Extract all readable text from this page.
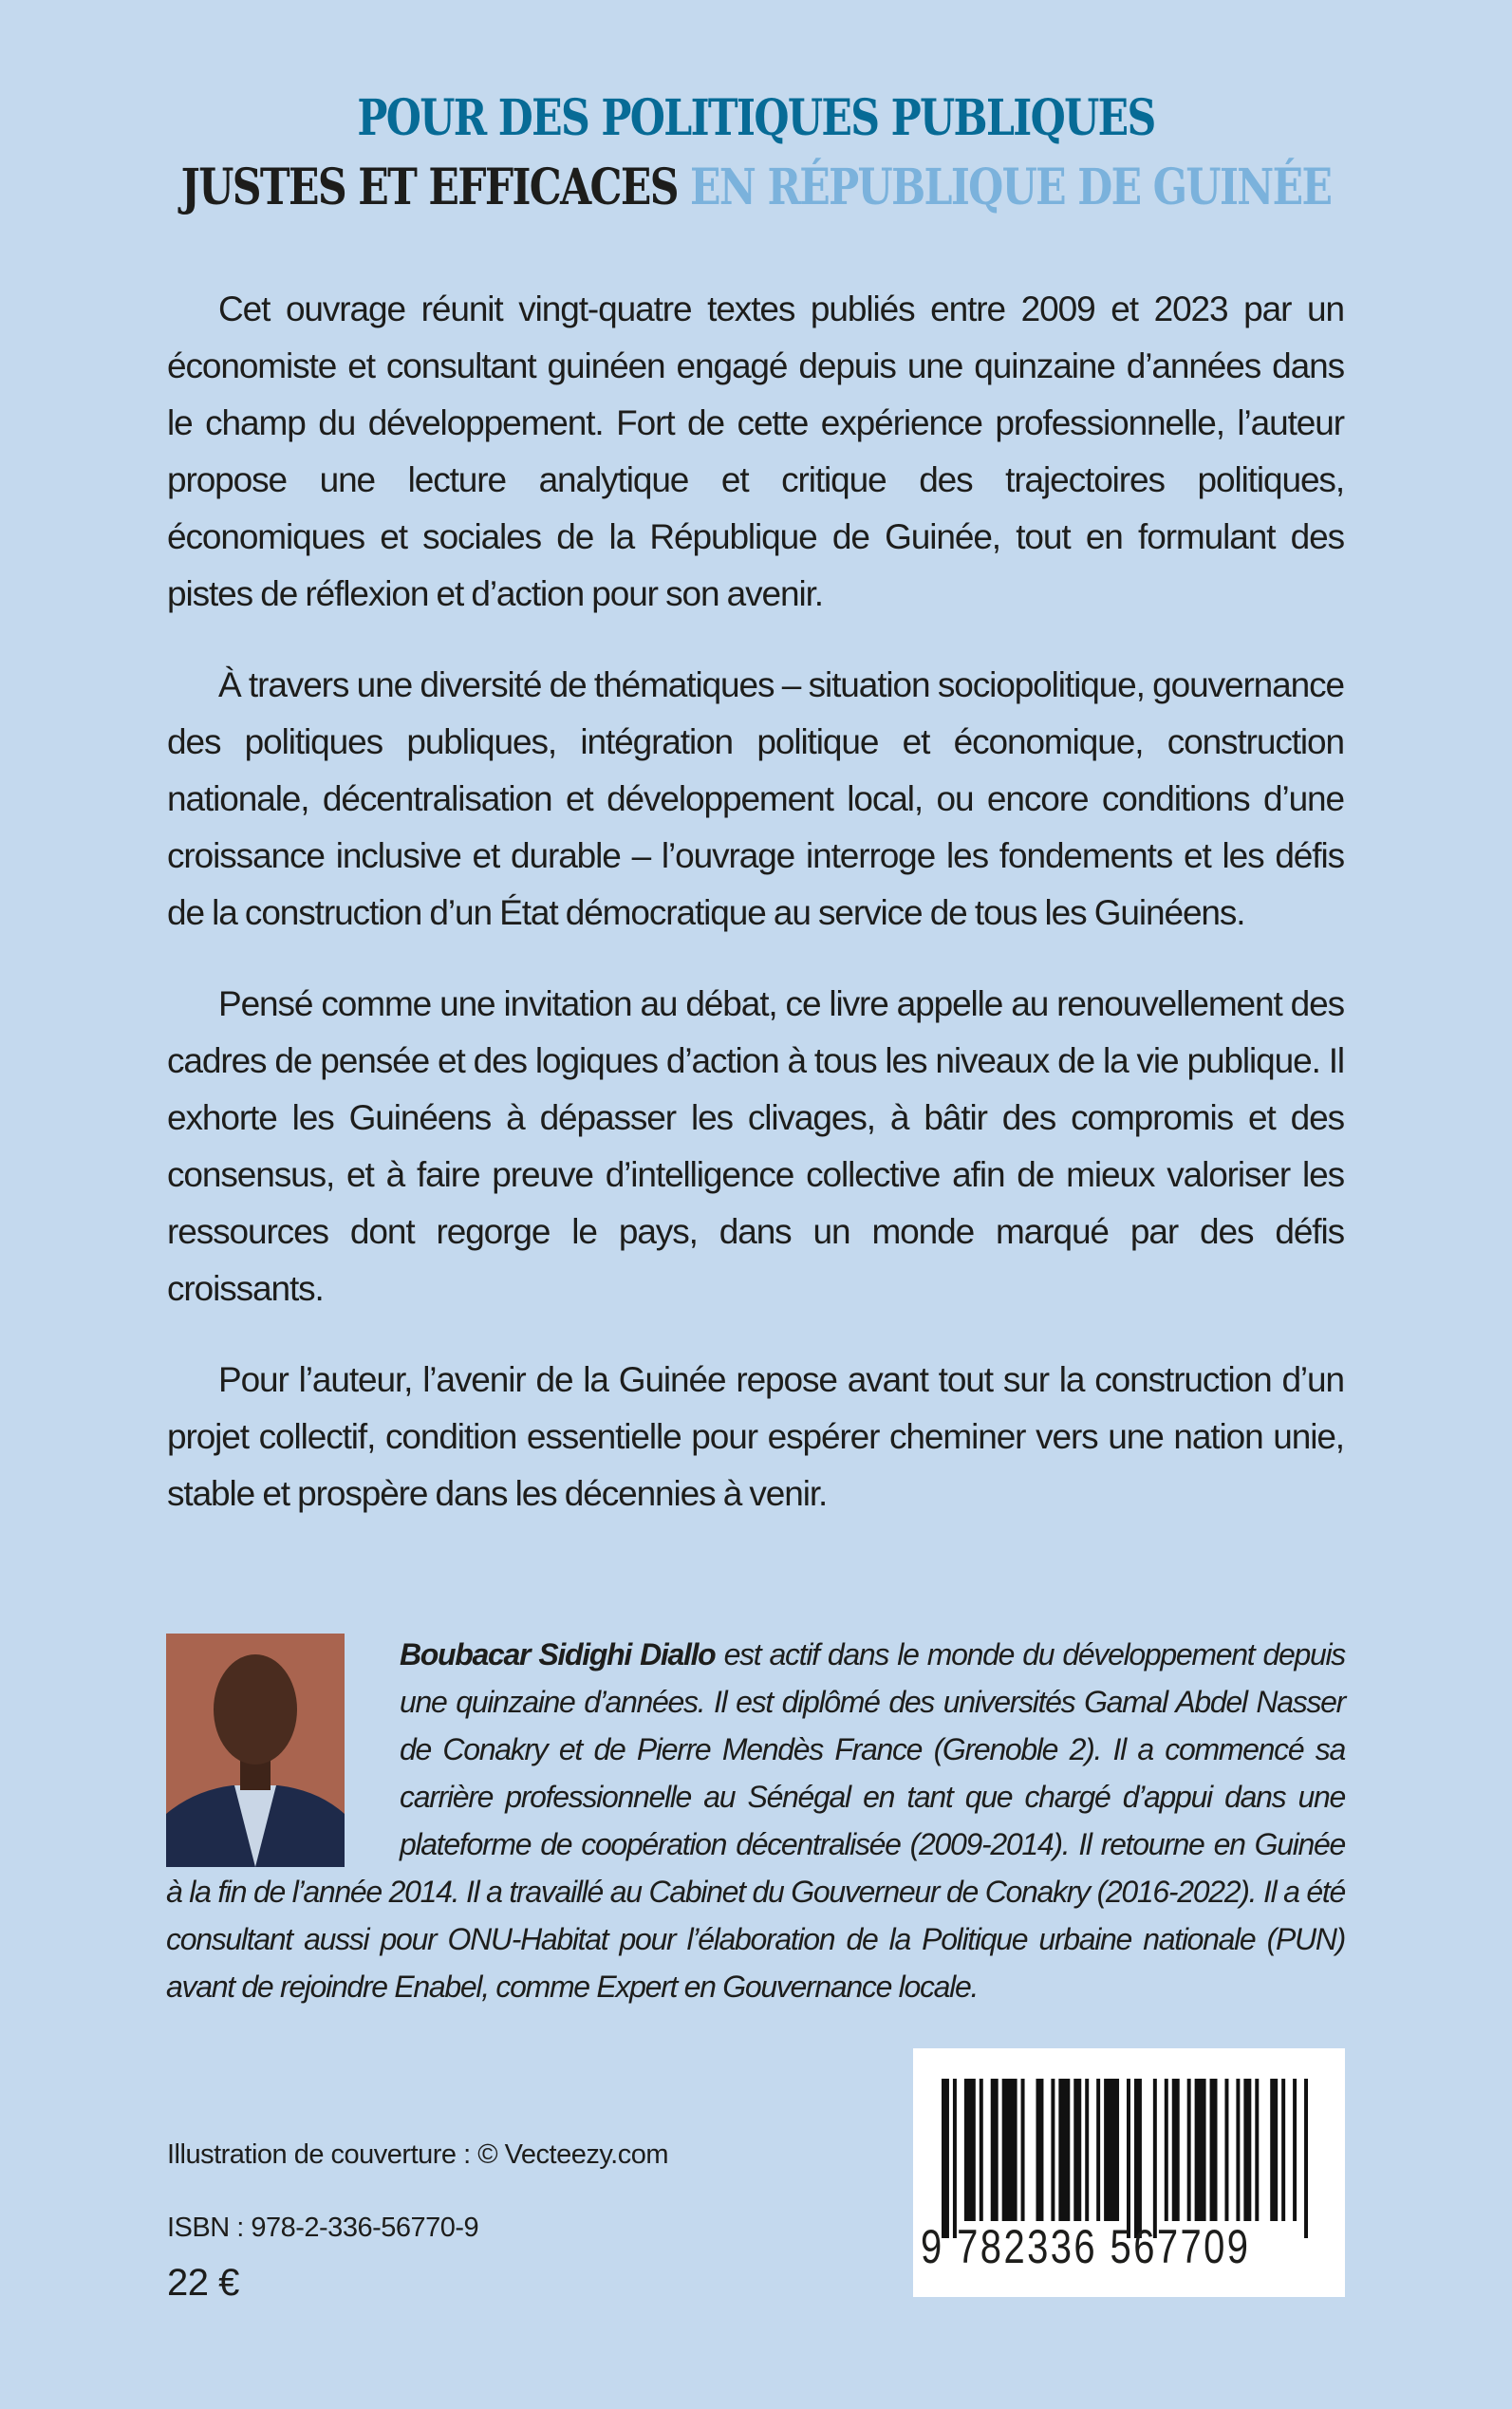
POUR DES POLITIQUES PUBLIQUES
JUSTES ET EFFICACES EN RÉPUBLIQUE DE GUINÉE

Cet ouvrage réunit vingt-quatre textes publiés entre 2009 et 2023 par un économiste et consultant guinéen engagé depuis une quinzaine d’années dans le champ du développement. Fort de cette expérience professionnelle, l’auteur propose une lecture analytique et critique des trajectoires politiques, économiques et sociales de la République de Guinée, tout en formulant des pistes de réflexion et d’action pour son avenir.

À travers une diversité de thématiques – situation sociopolitique, gouvernance des politiques publiques, intégration politique et économique, construction nationale, décentralisation et développement local, ou encore conditions d’une croissance inclusive et durable – l’ouvrage interroge les fondements et les défis de la construction d’un État démocratique au service de tous les Guinéens.

Pensé comme une invitation au débat, ce livre appelle au renouvellement des cadres de pensée et des logiques d’action à tous les niveaux de la vie publique. Il exhorte les Guinéens à dépasser les clivages, à bâtir des compromis et des consensus, et à faire preuve d’intelligence collective afin de mieux valoriser les ressources dont regorge le pays, dans un monde marqué par des défis croissants.

Pour l’auteur, l’avenir de la Guinée repose avant tout sur la construction d’un projet collectif, condition essentielle pour espérer cheminer vers une nation unie, stable et prospère dans les décennies à venir.

Boubacar Sidighi Diallo est actif dans le monde du développement depuis une quinzaine d’années. Il est diplômé des universités Gamal Abdel Nasser de Conakry et de Pierre Mendès France (Grenoble 2). Il a commencé sa carrière professionnelle au Sénégal en tant que chargé d’appui dans une plateforme de coopération décentralisée (2009-2014). Il retourne en Guinée à la fin de l’année 2014. Il a travaillé au Cabinet du Gouverneur de Conakry (2016-2022). Il a été consultant aussi pour ONU-Habitat pour l’élaboration de la Politique urbaine nationale (PUN) avant de rejoindre Enabel, comme Expert en Gouvernance locale.
Illustration de couverture : © Vecteezy.com
ISBN : 978-2-336-56770-9
22 €
9 782336 567709
